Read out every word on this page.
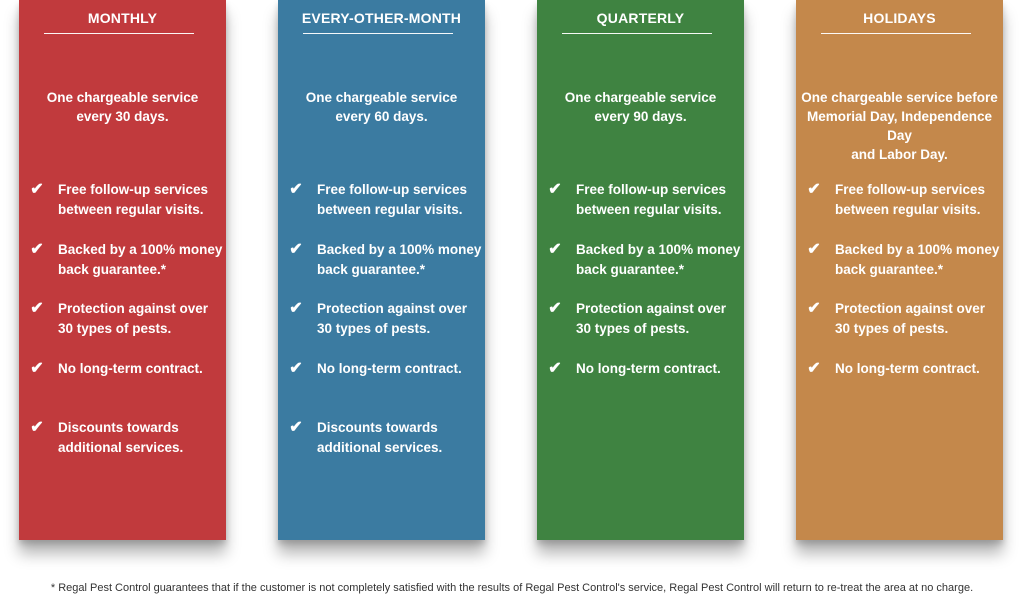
MONTHLY
One chargeable service
every 30 days.
✔ Free follow-up services
between regular visits.
✔ Backed by a 100% money
back guarantee.*
✔ Protection against over
30 types of pests.
✔ No long-term contract.
✔ Discounts towards
additional services.
EVERY-OTHER-MONTH
One chargeable service
every 60 days.
✔ Free follow-up services
between regular visits.
✔ Backed by a 100% money
back guarantee.*
✔ Protection against over
30 types of pests.
✔ No long-term contract.
✔ Discounts towards
additional services.
QUARTERLY
One chargeable service
every 90 days.
✔ Free follow-up services
between regular visits.
✔ Backed by a 100% money
back guarantee.*
✔ Protection against over
30 types of pests.
✔ No long-term contract.
HOLIDAYS
One chargeable service before
Memorial Day, Independence Day
and Labor Day.
✔ Free follow-up services
between regular visits.
✔ Backed by a 100% money
back guarantee.*
✔ Protection against over
30 types of pests.
✔ No long-term contract.
* Regal Pest Control guarantees that if the customer is not completely satisfied with the results of Regal Pest Control's service, Regal Pest Control will return to re-treat the area at no charge.
